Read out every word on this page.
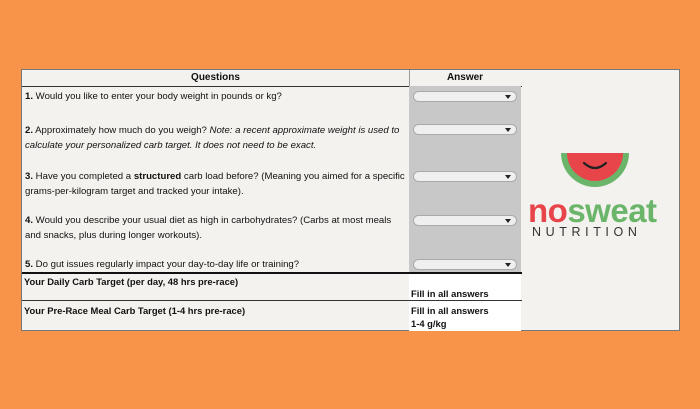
Questions	Answer
1. Would you like to enter your body weight in pounds or kg?
2. Approximately how much do you weigh? Note: a recent approximate weight is used to calculate your personalized carb target. It does not need to be exact.
3. Have you completed a structured carb load before? (Meaning you aimed for a specific grams-per-kilogram target and tracked your intake).
4. Would you describe your usual diet as high in carbohydrates? (Carbs at most meals and snacks, plus during longer workouts).
5. Do gut issues regularly impact your day-to-day life or training?
Your Daily Carb Target (per day, 48 hrs pre-race)
Fill in all answers
Your Pre-Race Meal Carb Target (1-4 hrs pre-race)	Fill in all answers
1-4 g/kg
nosweat
NUTRITION
